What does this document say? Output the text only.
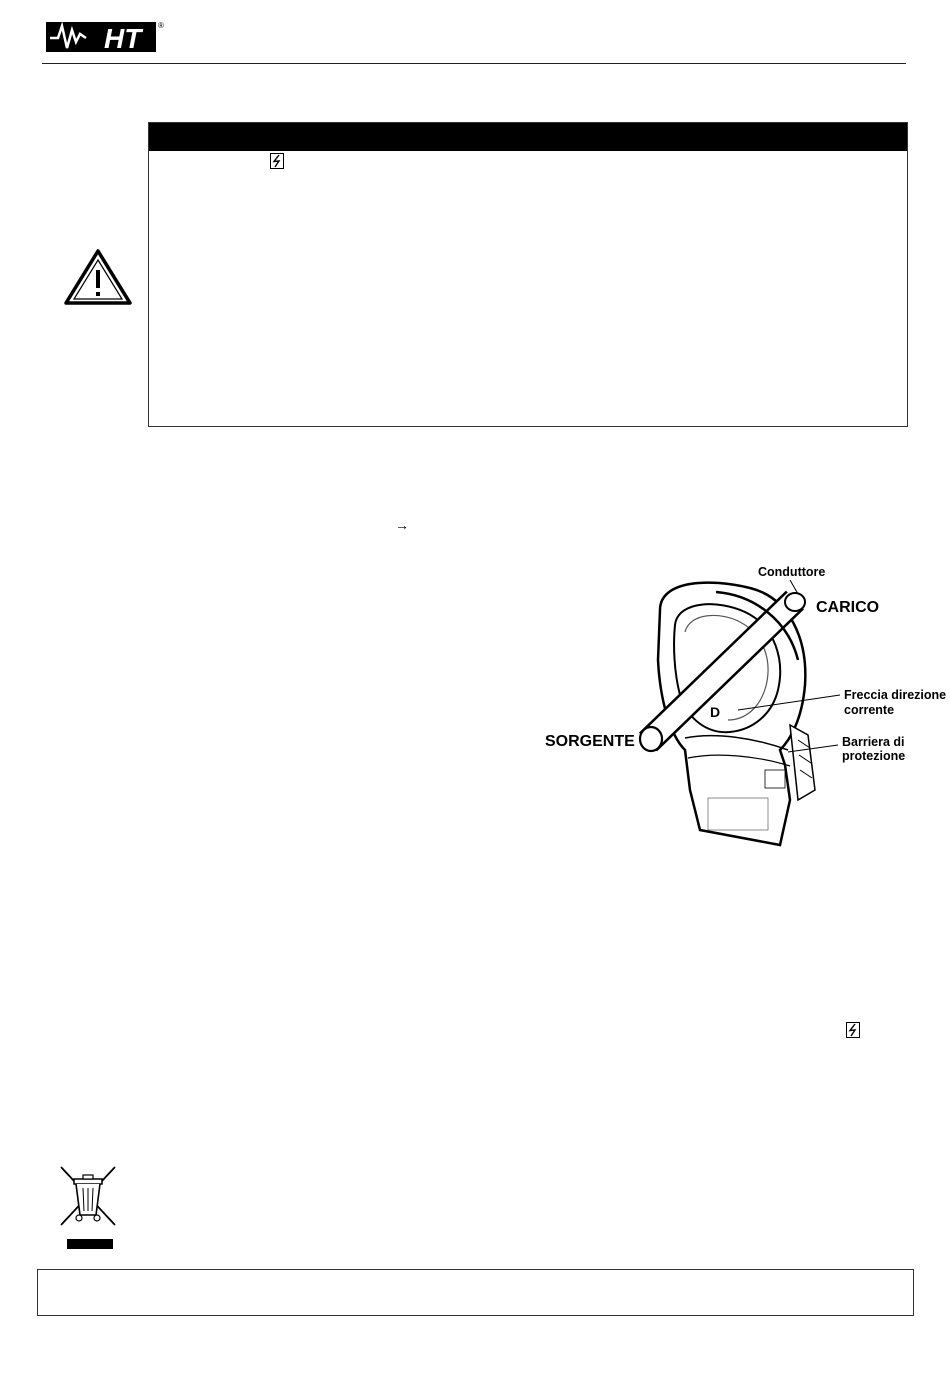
HT	®
→
D
Conduttore
CARICO
SORGENTE
Freccia direzione
corrente
Barriera di
protezione
